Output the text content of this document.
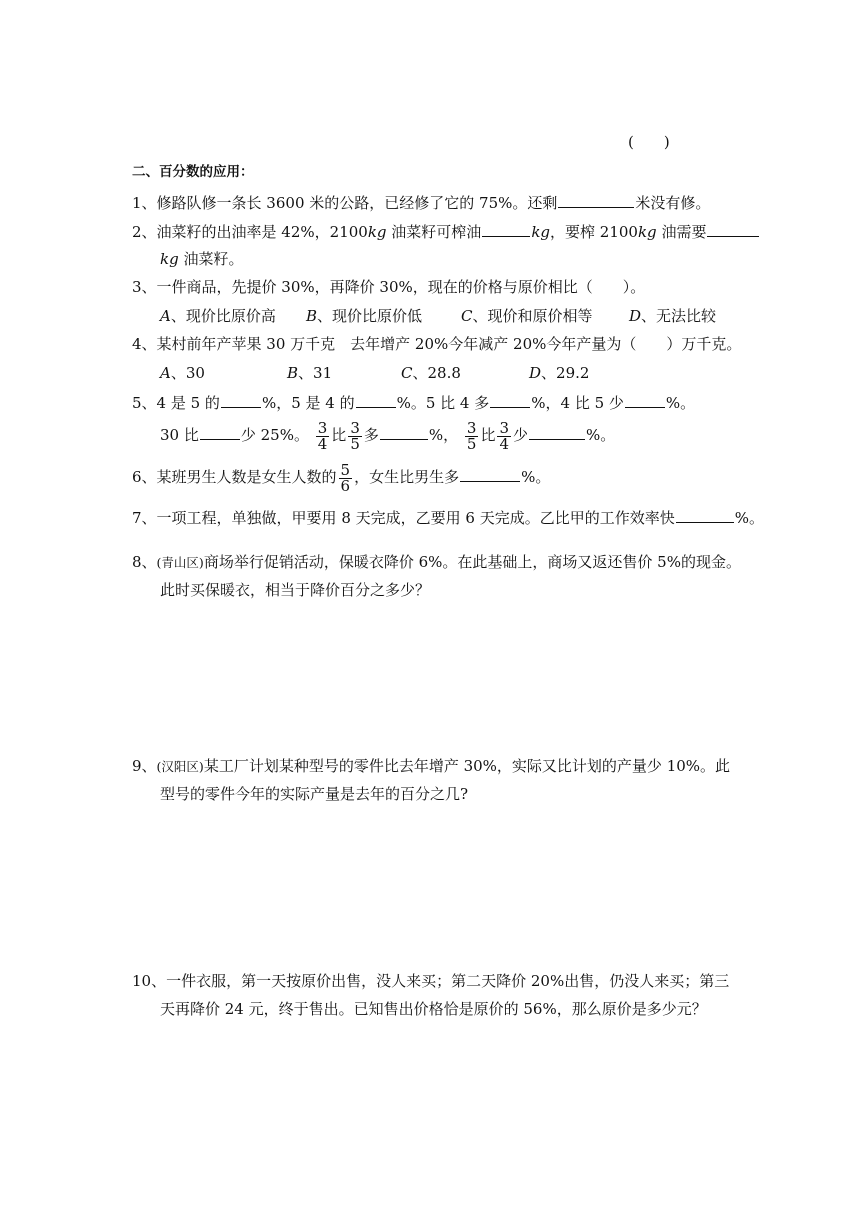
(　　)
二、百分数的应用：
1、修路队修一条长 3600 米的公路，已经修了它的 75%。还剩	米没有修。
2、油菜籽的出油率是 42%，2100kg 油菜籽可榨油	kg，要榨 2100kg 油需要
kg 油菜籽。
3、一件商品，先提价 30%，再降价 30%，现在的价格与原价相比（　　）。
A、现价比原价高 B、现价比原价低	C、现价和原价相等 D、无法比较
4、某村前年产苹果 30 万千克　去年增产 20%今年减产 20%今年产量为（　　）万千克。
A、30	B、31	C、28.8	D、29.2
5、4 是 5 的	%，5 是 4 的	%。5 比 4 多	%，4 比 5 少	%。
30 比	少 25%。 $\frac{3}{4}$ 比 $\frac{3}{5}$ 多	%， $\frac{3}{5}$ 比 $\frac{3}{4}$ 少	%。
6、某班男生人数是女生人数的 $\frac{5}{6}$ ，女生比男生多	%。
7、一项工程，单独做，甲要用 8 天完成，乙要用 6 天完成。乙比甲的工作效率快	%。
8、(青山区)商场举行促销活动，保暖衣降价 6%。在此基础上，商场又返还售价 5%的现金。
此时买保暖衣，相当于降价百分之多少？
9、(汉阳区)某工厂计划某种型号的零件比去年增产 30%，实际又比计划的产量少 10%。此
型号的零件今年的实际产量是去年的百分之几?
10、一件衣服，第一天按原价出售，没人来买；第二天降价 20%出售，仍没人来买；第三
天再降价 24 元，终于售出。已知售出价格恰是原价的 56%，那么原价是多少元？
